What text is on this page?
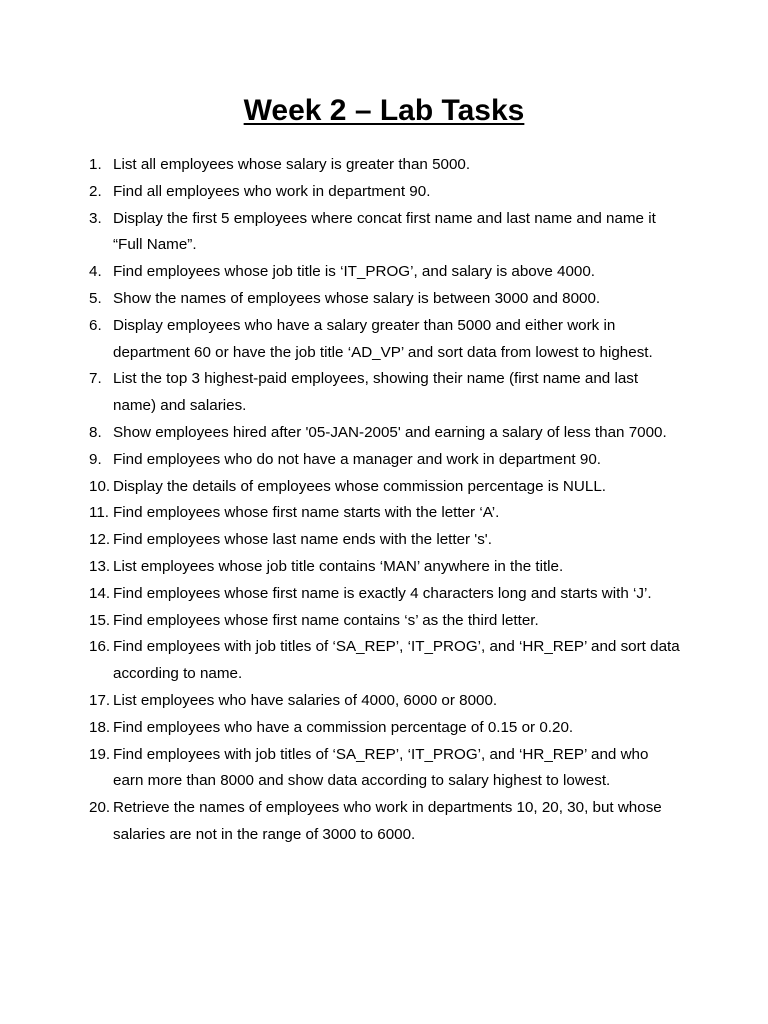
Week 2 – Lab Tasks
1. List all employees whose salary is greater than 5000.
2. Find all employees who work in department 90.
3. Display the first 5 employees where concat first name and last name and name it “Full Name”.
4. Find employees whose job title is ‘IT_PROG’, and salary is above 4000.
5. Show the names of employees whose salary is between 3000 and 8000.
6. Display employees who have a salary greater than 5000 and either work in department 60 or have the job title ‘AD_VP’ and sort data from lowest to highest.
7. List the top 3 highest-paid employees, showing their name (first name and last name) and salaries.
8. Show employees hired after '05-JAN-2005' and earning a salary of less than 7000.
9. Find employees who do not have a manager and work in department 90.
10. Display the details of employees whose commission percentage is NULL.
11. Find employees whose first name starts with the letter ‘A’.
12. Find employees whose last name ends with the letter 's'.
13. List employees whose job title contains ‘MAN’ anywhere in the title.
14. Find employees whose first name is exactly 4 characters long and starts with ‘J’.
15. Find employees whose first name contains ‘s’ as the third letter.
16. Find employees with job titles of ‘SA_REP’, ‘IT_PROG’, and ‘HR_REP’ and sort data according to name.
17. List employees who have salaries of 4000, 6000 or 8000.
18. Find employees who have a commission percentage of 0.15 or 0.20.
19. Find employees with job titles of ‘SA_REP’, ‘IT_PROG’, and ‘HR_REP’ and who earn more than 8000 and show data according to salary highest to lowest.
20. Retrieve the names of employees who work in departments 10, 20, 30, but whose salaries are not in the range of 3000 to 6000.
